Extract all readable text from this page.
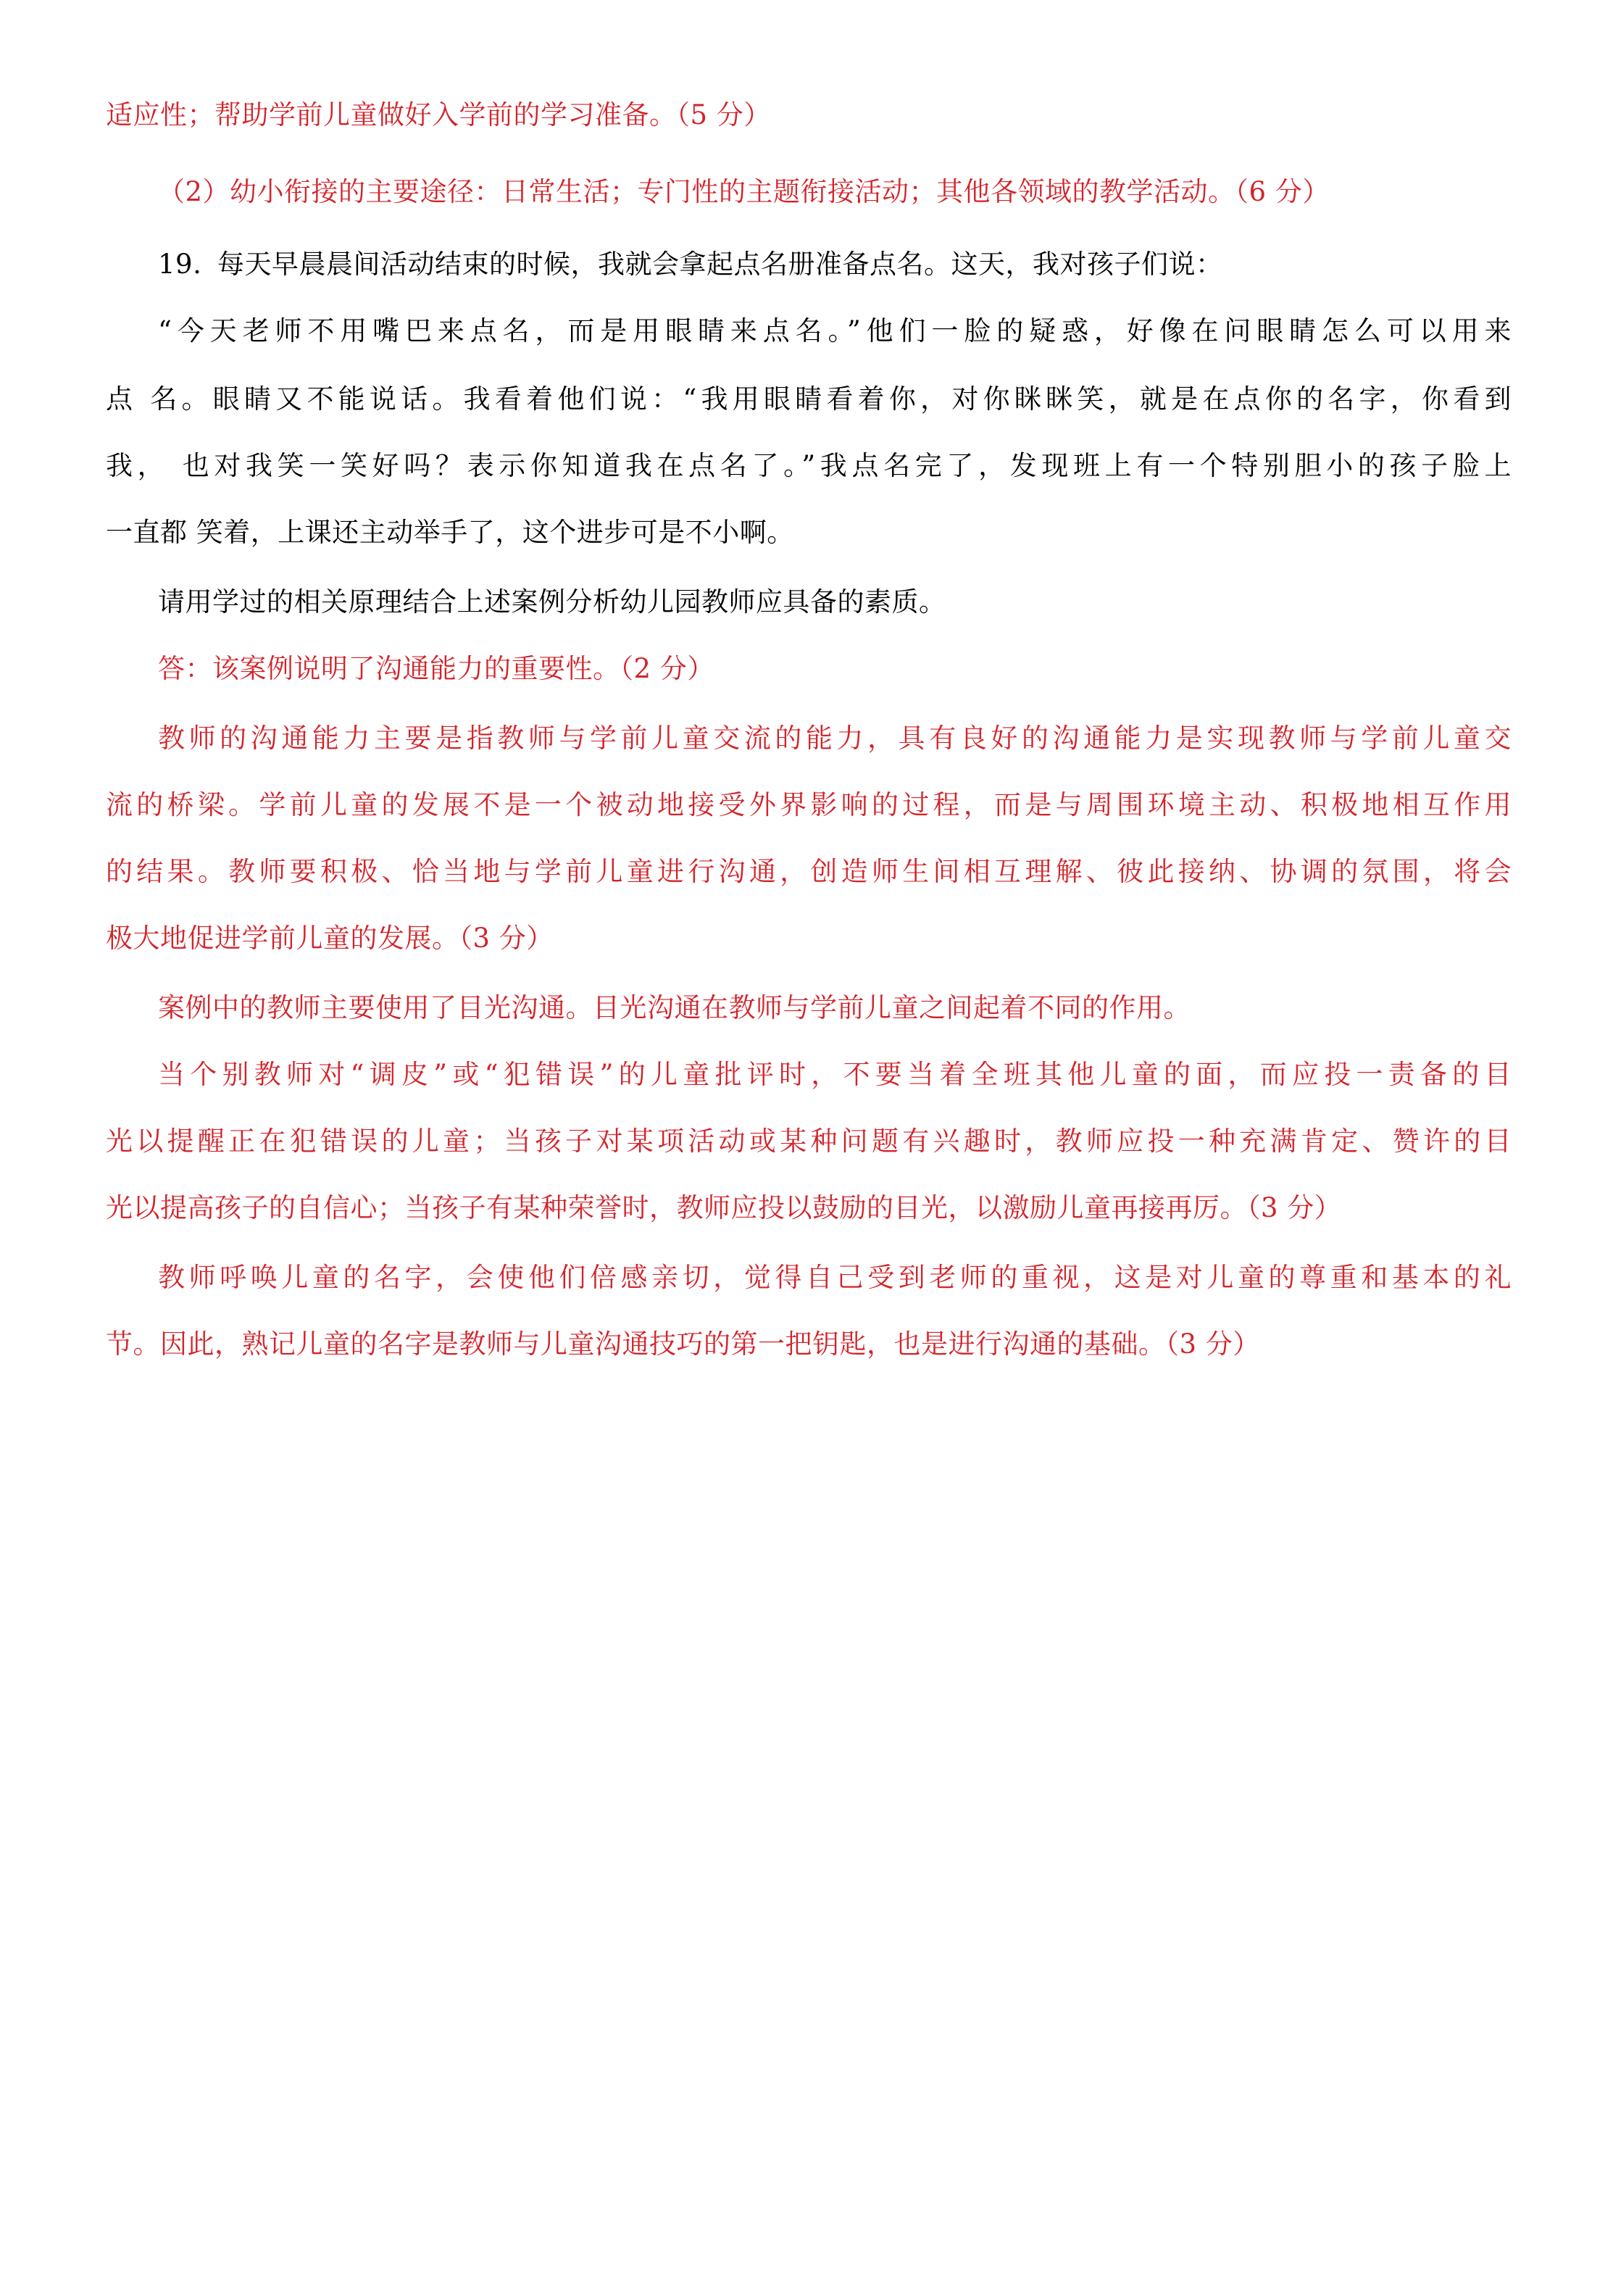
适应性；帮助学前儿童做好入学前的学习准备。（5 分）
（2）幼小衔接的主要途径：日常生活；专门性的主题衔接活动；其他各领域的教学活动。（6 分）
19. 每天早晨晨间活动结束的时候，我就会拿起点名册准备点名。这天，我对孩子们说：
“今天老师不用嘴巴来点名，而是用眼睛来点名。”他们一脸的疑惑，好像在问眼睛怎么可以用来
点 名。眼睛又不能说话。我看着他们说：“我用眼睛看着你，对你眯眯笑，就是在点你的名字，你看到
我， 也对我笑一笑好吗？表示你知道我在点名了。”我点名完了，发现班上有一个特别胆小的孩子脸上
一直都 笑着，上课还主动举手了，这个进步可是不小啊。
请用学过的相关原理结合上述案例分析幼儿园教师应具备的素质。
答：该案例说明了沟通能力的重要性。（2 分）
教师的沟通能力主要是指教师与学前儿童交流的能力，具有良好的沟通能力是实现教师与学前儿童交
流的桥梁。学前儿童的发展不是一个被动地接受外界影响的过程，而是与周围环境主动、积极地相互作用
的结果。教师要积极、恰当地与学前儿童进行沟通，创造师生间相互理解、彼此接纳、协调的氛围，将会
极大地促进学前儿童的发展。（3 分）
案例中的教师主要使用了目光沟通。目光沟通在教师与学前儿童之间起着不同的作用。
当个别教师对“调皮”或“犯错误”的儿童批评时，不要当着全班其他儿童的面，而应投一责备的目
光以提醒正在犯错误的儿童；当孩子对某项活动或某种问题有兴趣时，教师应投一种充满肯定、赞许的目
光以提高孩子的自信心；当孩子有某种荣誉时，教师应投以鼓励的目光，以激励儿童再接再厉。（3 分）
教师呼唤儿童的名字，会使他们倍感亲切，觉得自己受到老师的重视，这是对儿童的尊重和基本的礼
节。因此，熟记儿童的名字是教师与儿童沟通技巧的第一把钥匙，也是进行沟通的基础。（3 分）
